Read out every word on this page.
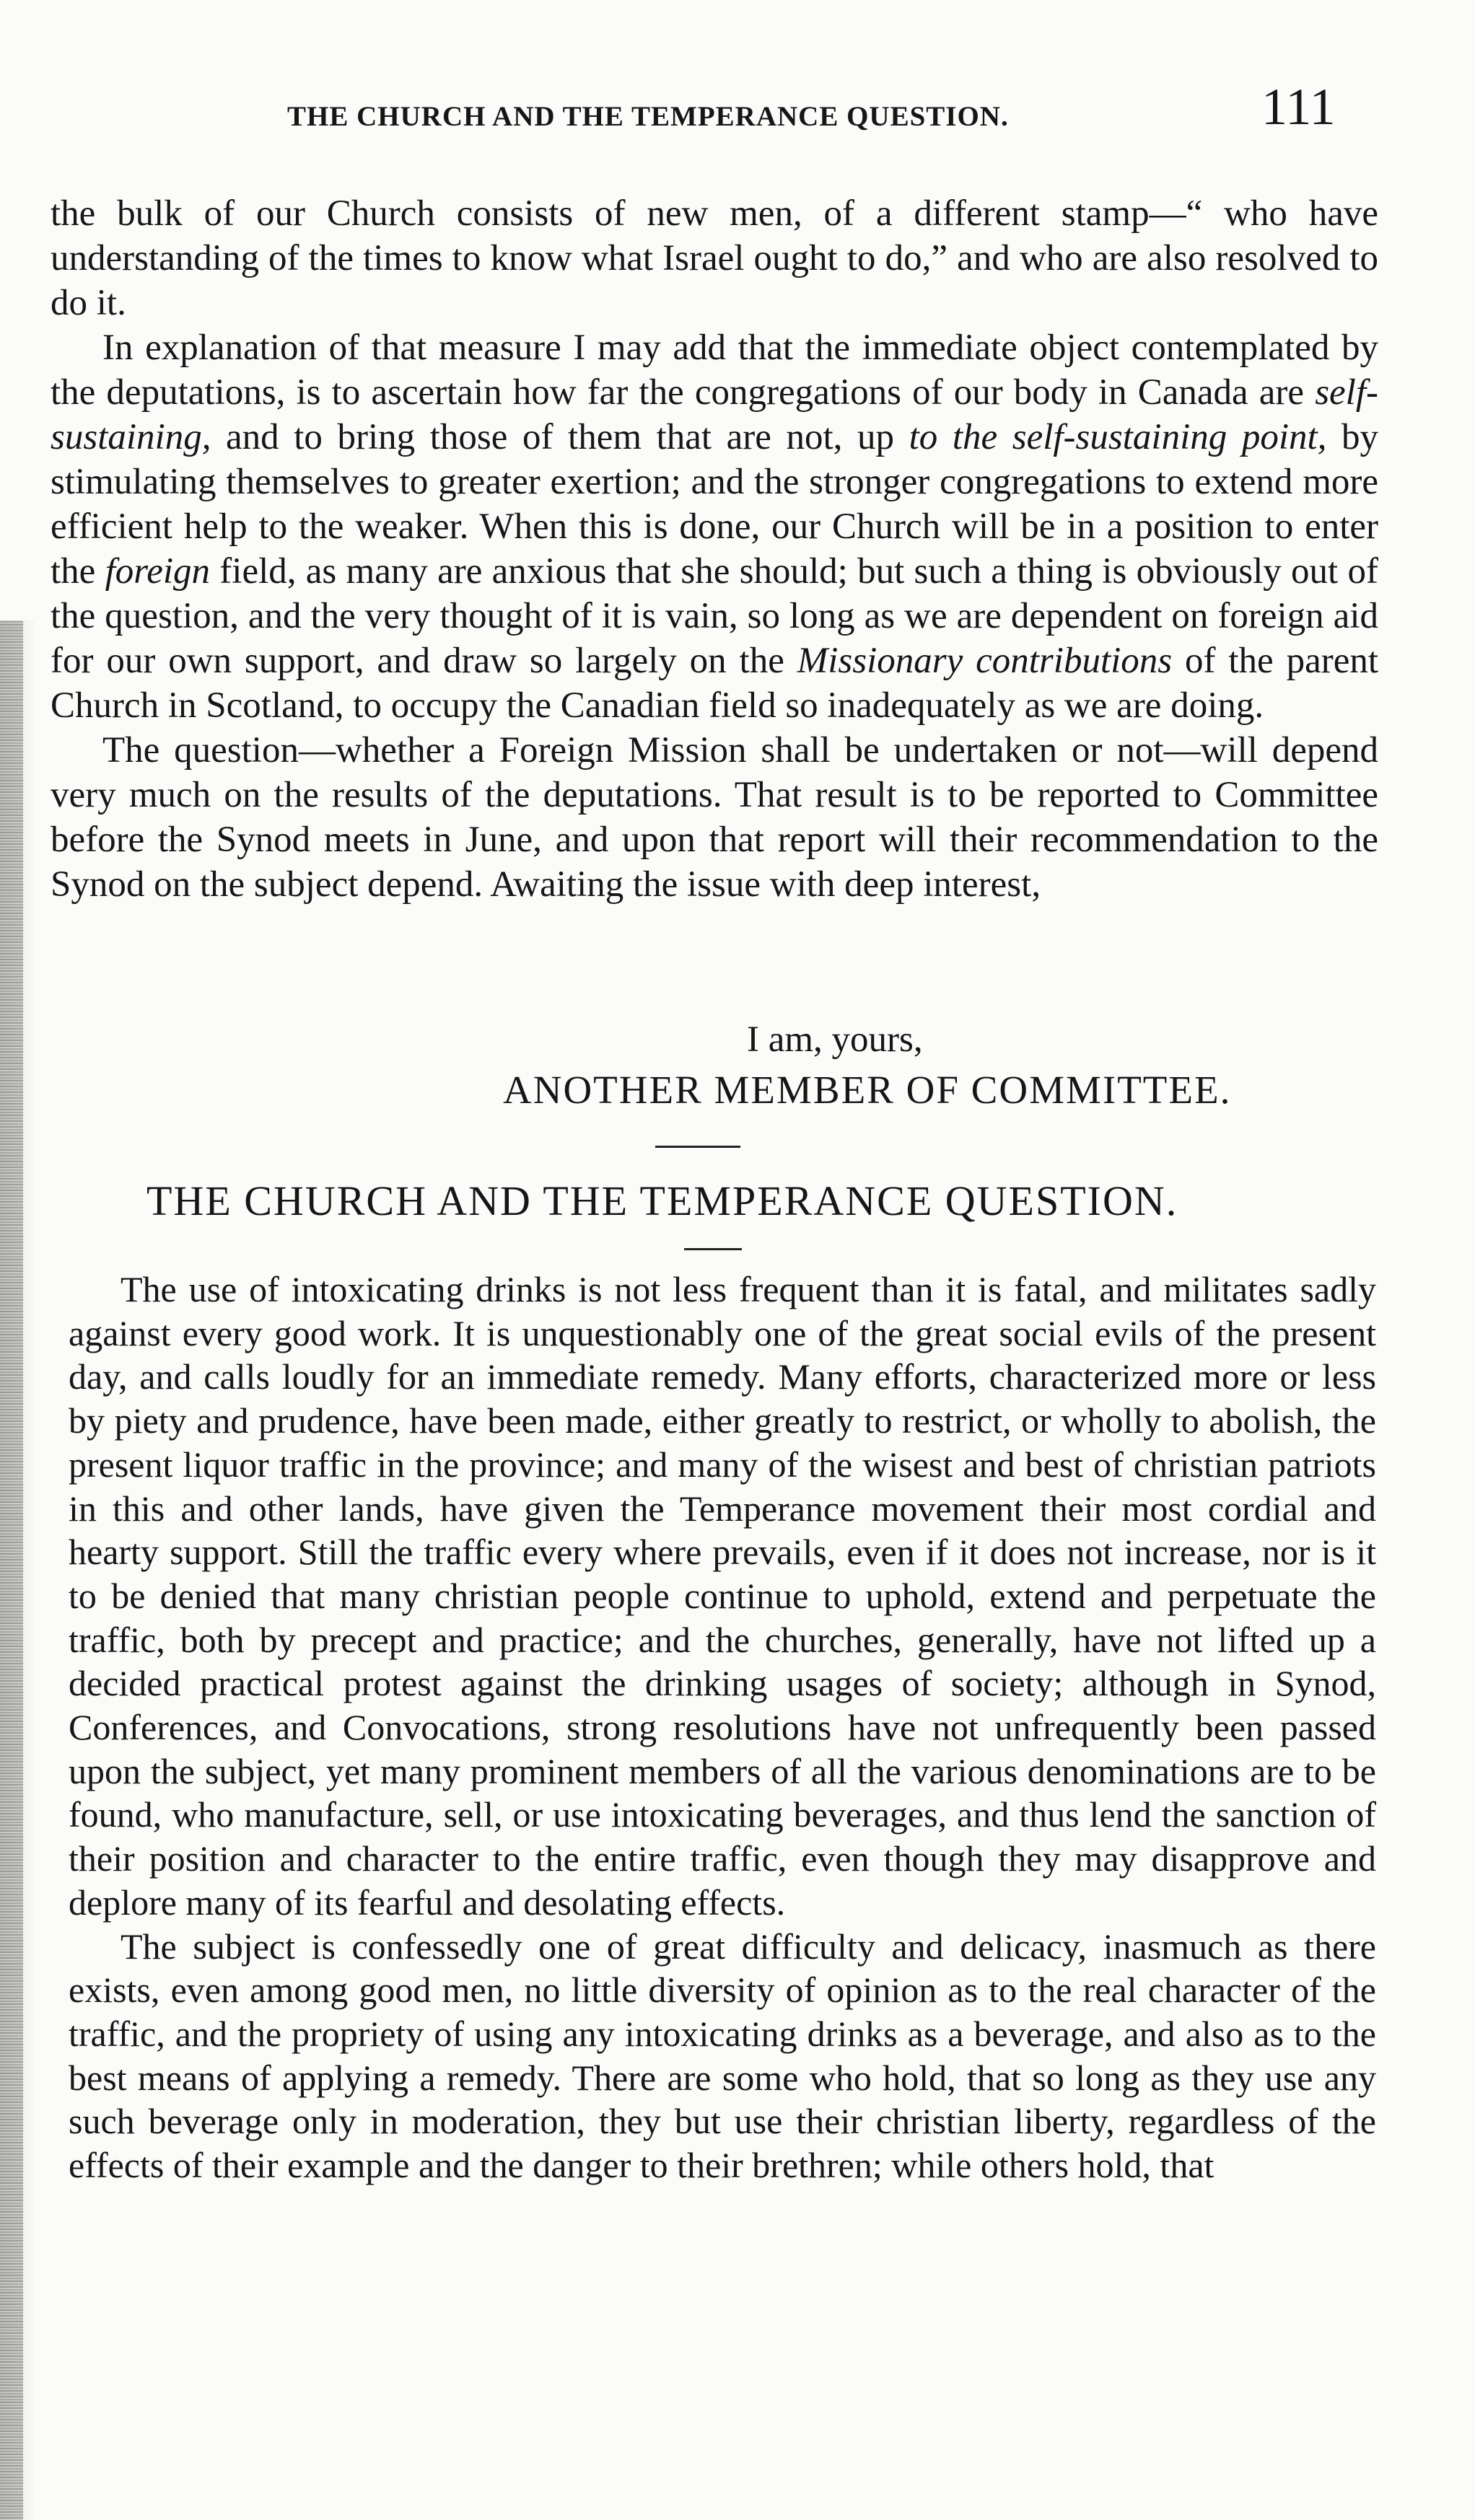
THE CHURCH AND THE TEMPERANCE QUESTION.	111

the bulk of our Church consists of new men, of a different stamp—“ who have understanding of the times to know what Israel ought to do,” and who are also resolved to do it.

In explanation of that measure I may add that the immediate object contemplated by the deputations, is to ascertain how far the congregations of our body in Canada are self-sustaining, and to bring those of them that are not, up to the self-sustaining point, by stimulating themselves to greater exertion; and the stronger congregations to extend more efficient help to the weaker. When this is done, our Church will be in a position to enter the foreign field, as many are anxious that she should; but such a thing is obviously out of the question, and the very thought of it is vain, so long as we are dependent on foreign aid for our own support, and draw so largely on the Missionary contributions of the parent Church in Scotland, to occupy the Canadian field so inadequately as we are doing.

The question—whether a Foreign Mission shall be undertaken or not—will depend very much on the results of the deputations. That result is to be reported to Committee before the Synod meets in June, and upon that report will their recommendation to the Synod on the subject depend. Awaiting the issue with deep interest,

I am, yours,
ANOTHER MEMBER OF COMMITTEE.
THE CHURCH AND THE TEMPERANCE QUESTION.

The use of intoxicating drinks is not less frequent than it is fatal, and militates sadly against every good work. It is unquestionably one of the great social evils of the present day, and calls loudly for an immediate remedy. Many efforts, characterized more or less by piety and prudence, have been made, either greatly to restrict, or wholly to abolish, the present liquor traffic in the province; and many of the wisest and best of christian patriots in this and other lands, have given the Temperance movement their most cordial and hearty support. Still the traffic every where prevails, even if it does not increase, nor is it to be denied that many christian people continue to uphold, extend and perpetuate the traffic, both by precept and practice; and the churches, generally, have not lifted up a decided practical protest against the drinking usages of society; although in Synod, Conferences, and Convocations, strong resolutions have not unfrequently been passed upon the subject, yet many prominent members of all the various denominations are to be found, who manufacture, sell, or use intoxicating beverages, and thus lend the sanction of their position and character to the entire traffic, even though they may disapprove and deplore many of its fearful and desolating effects.

The subject is confessedly one of great difficulty and delicacy, inasmuch as there exists, even among good men, no little diversity of opinion as to the real character of the traffic, and the propriety of using any intoxicating drinks as a beverage, and also as to the best means of applying a remedy. There are some who hold, that so long as they use any such beverage only in moderation, they but use their christian liberty, regardless of the effects of their example and the danger to their brethren; while others hold, that
